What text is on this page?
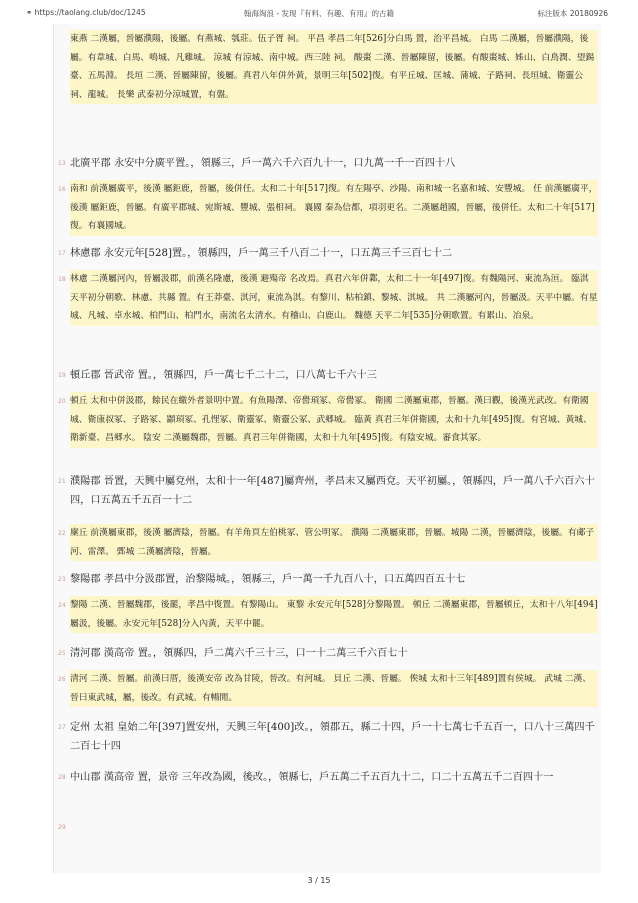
⚭ https://taolang.club/doc/1245	翰海淘浪 - 发现『有料、有趣、有用』的古籍	标注版本 20180926
東燕 二漢屬，晉屬濮陽，後屬。有燕城、瓠莊。伍子胥 祠。 平昌 孝昌二年[526]分白馬 置，治平昌城。 白馬 二漢屬，晉屬濮陽，後屬。有韋城、白馬、鳴城、凡雞城。 涼城 有涼城、南中城。西三陸 祠。 酸棗 二漢、晉屬陳留，後屬。有酸棗城、姊山、白鳥潤、望錫臺、五馬淵。 長垣 二漢、晉屬陳留，後屬。真君八年併外黃，景明三年[502]復。有平丘城、匡城、蒲城、子路祠、長垣城、衛靈公祠、龍城。 長樂 武泰初分涼城置，有盤。
13 北廣平郡 永安中分廣平置。，領縣三，戶一萬六千六百九十一，口九萬一千一百四十八
16 南和 前漢屬廣平，後漢 屬鉅鹿，晉屬，後併任。太和二十年[517]復。有左陽亭、沙陽、南和城一名嘉和城、安豐城。 任 前漢屬廣平，後漢 屬鉅鹿，晉屬。有廣平郡城、宛斯城、豐城、張相祠。 襄國 秦為信都，項羽更名。二漢屬趙國，晉屬，後併任。太和二十年[517]復。有襄國城。
17 林慮郡 永安元年[528]置。，領縣四，戶一萬三千八百二十一，口五萬三千三百七十二
18 林慮 二漢屬河內，晉屬汲郡，前漢名隆慮，後漢 避殤帝 名改焉。真君六年併鄴，太和二十一年[497]復。有魏陽河、東流為洹。 臨淇 天平初分朝歌、林慮、共縣 置。有王莽臺、淇河，東流為淇。有黎川、粘柏鎮、黎城、淇城。 共 二漢屬河內，晉屬汲。天平中屬。有星城、凡城、卓水城、柏門山、柏門水，南流名太清水。有稽山、白鹿山。 魏德 天平二年[535]分朝歌置。有累山、冶泉。
19 頓丘郡 晉武帝 置。，領縣四，戶一萬七千二十二，口八萬七千六十三
20 頓丘 太和中併汲郡，餘民在繳外者景明中置。有魚陽澤、帝嚳頊冢、帝嚳冢。 衛國 二漢屬東郡，晉屬。漢曰觀，後漢光武改。有衛國城、衛康叔冢、子路冢、顓頊冢、孔悝冢、衛靈冢、衛靈公冢、武郷城。 臨黃 真君三年併衛國，太和十九年[495]復。有宮城、黃城、衛新臺、昌郷水。 陰安 二漢屬魏郡，晉屬。真君三年併衛國，太和十九年[495]復。有陰安城。審食其冢。
21 濮陽郡 晉置，天興中屬兗州，太和十一年[487]屬齊州，孝昌末又屬西兗。天平初屬。，領縣四，戶一萬八千六百六十四，口五萬五千五百一十二
22 廩丘 前漢屬東郡，後漢 屬濟陰，晉屬。有羊角頁左伯桃冢、管公明冢。 濮陽 二漢屬東郡，晉屬。城陽 二漢，晉屬濟陰，後屬。有郕子河、雷澤。 鄄城 二漢屬濟陰，晉屬。
23 黎陽郡 孝昌中分汲郡置，治黎陽城。，領縣三，戶一萬一千九百八十，口五萬四百五十七
24 黎陽 二漢、晉屬魏郡，後罷，孝昌中復置。有黎陽山。 東黎 永安元年[528]分黎陽置。 頓丘 二漢屬東郡，晉屬頓丘，太和十八年[494]屬汲，後屬。永安元年[528]分入內黃，天平中罷。
25 清河郡 漢高帝 置。，領縣四，戶二萬六千三十三，口一十二萬三千六百七十
26 清河 二漢、晉屬。前漢曰厝，後漢安帝 改為甘陵，晉改。有河城。 貝丘 二漢、晉屬。 俟城 太和十三年[489]置有侯城。 武城 二漢、晉曰東武城，屬，後改。有武城。有暢閒。
27 定州 太祖 皇始二年[397]置安州，天興三年[400]改。，領郡五，縣二十四，戶一十七萬七千五百一，口八十三萬四千二百七十四
28 中山郡 漢高帝 置，景帝 三年改為國，後改。，領縣七，戶五萬二千五百九十二，口二十五萬五千二百四十一
29
3 / 15
